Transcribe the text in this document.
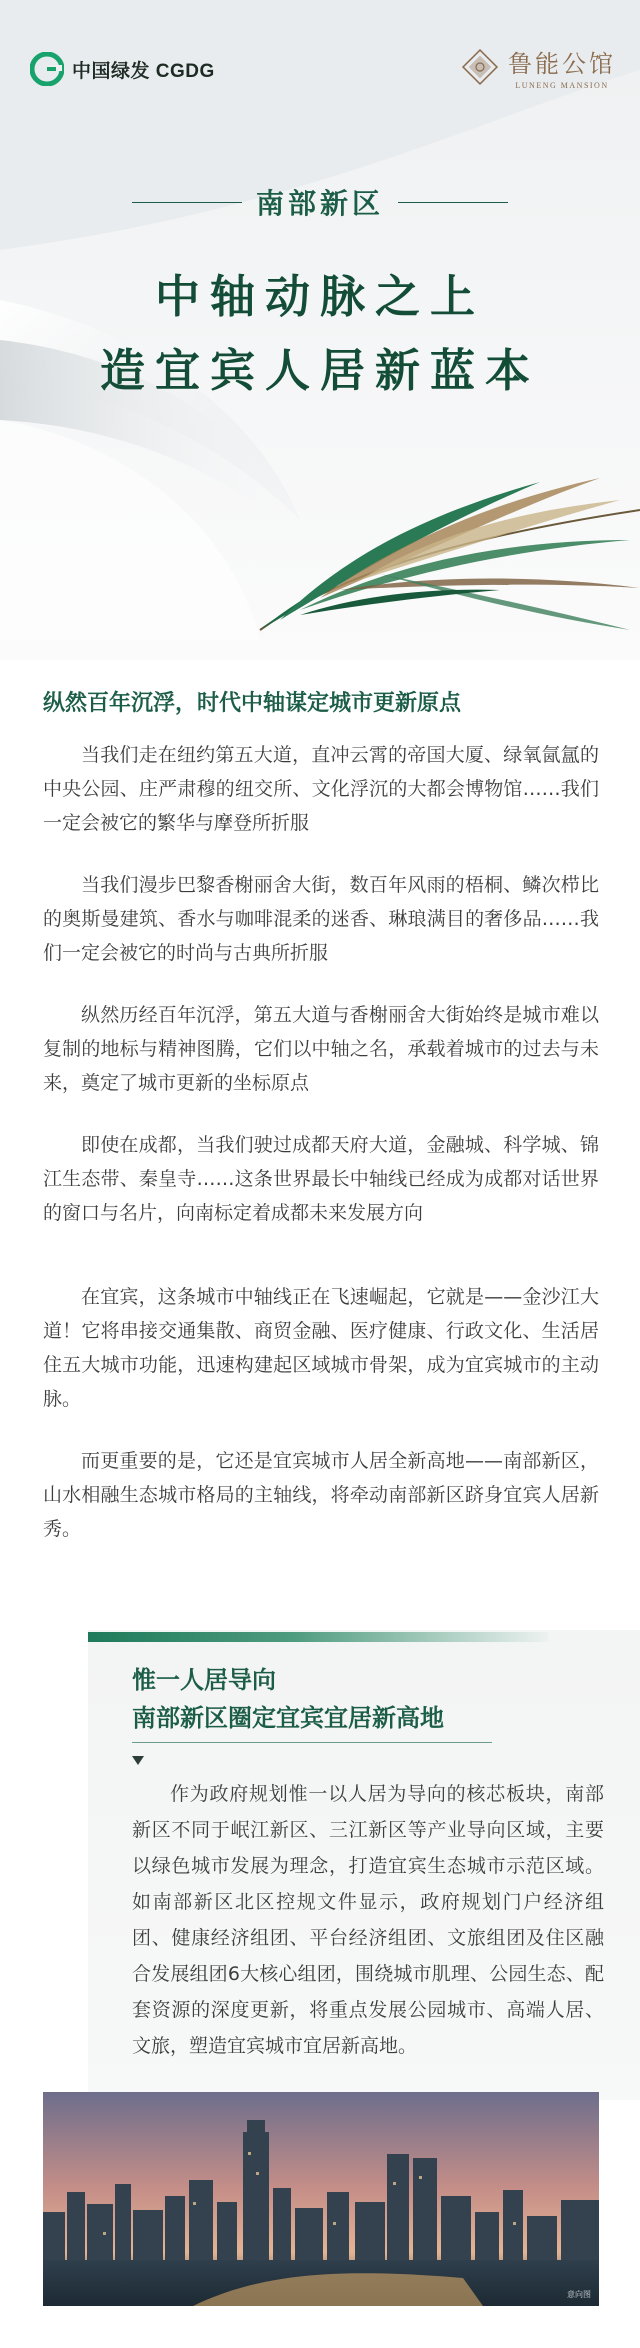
中国绿发 CGDG	鲁能公馆
LUNENG MANSION
南部新区
中轴动脉之上
造宜宾人居新蓝本
纵然百年沉浮，时代中轴谋定城市更新原点

当我们走在纽约第五大道，直冲云霄的帝国大厦、绿氧氤氲的中央公园、庄严肃穆的纽交所、文化浮沉的大都会博物馆……我们一定会被它的繁华与摩登所折服

当我们漫步巴黎香榭丽舍大街，数百年风雨的梧桐、鳞次栉比的奥斯曼建筑、香水与咖啡混柔的迷香、琳琅满目的奢侈品……我们一定会被它的时尚与古典所折服

纵然历经百年沉浮，第五大道与香榭丽舍大街始终是城市难以复制的地标与精神图腾，它们以中轴之名，承载着城市的过去与未来，奠定了城市更新的坐标原点

即使在成都，当我们驶过成都天府大道，金融城、科学城、锦江生态带、秦皇寺……这条世界最长中轴线已经成为成都对话世界的窗口与名片，向南标定着成都未来发展方向

在宜宾，这条城市中轴线正在飞速崛起，它就是——金沙江大道！它将串接交通集散、商贸金融、医疗健康、行政文化、生活居住五大城市功能，迅速构建起区域城市骨架，成为宜宾城市的主动脉。

而更重要的是，它还是宜宾城市人居全新高地——南部新区，山水相融生态城市格局的主轴线，将牵动南部新区跻身宜宾人居新秀。

惟一人居导向
南部新区圈定宜宾宜居新高地

作为政府规划惟一以人居为导向的核芯板块，南部新区不同于岷江新区、三江新区等产业导向区域，主要以绿色城市发展为理念，打造宜宾生态城市示范区域。如南部新区北区控规文件显示，政府规划门户经济组团、健康经济组团、平台经济组团、文旅组团及住区融合发展组团6大核心组团，围绕城市肌理、公园生态、配套资源的深度更新，将重点发展公园城市、高端人居、文旅，塑造宜宾城市宜居新高地。

意向图
